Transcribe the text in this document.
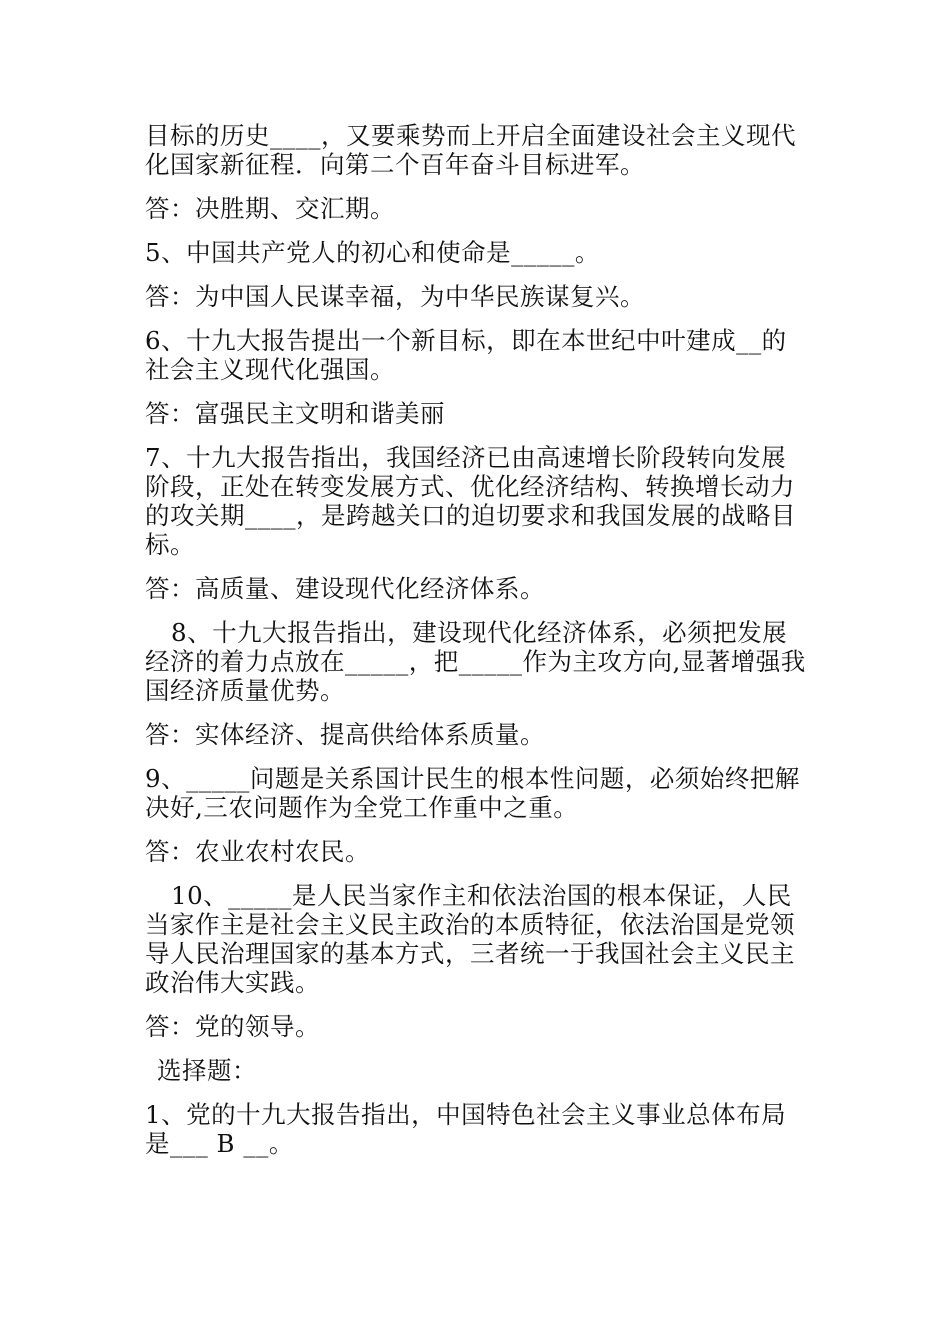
目标的历史____，又要乘势而上开启全面建设社会主义现代化国家新征程．向第二个百年奋斗目标进军。

答：决胜期、交汇期。

5、中国共产党人的初心和使命是_____。

答：为中国人民谋幸福，为中华民族谋复兴。

6、十九大报告提出一个新目标，即在本世纪中叶建成__的社会主义现代化强国。

答：富强民主文明和谐美丽

7、十九大报告指出，我国经济已由高速增长阶段转向发展阶段，正处在转变发展方式、优化经济结构、转换增长动力的攻关期____，是跨越关口的迫切要求和我国发展的战略目标。

答：高质量、建设现代化经济体系。

8、十九大报告指出，建设现代化经济体系，必须把发展经济的着力点放在_____，把_____作为主攻方向,显著增强我国经济质量优势。

答：实体经济、提高供给体系质量。

9、_____问题是关系国计民生的根本性问题，必须始终把解决好,三农问题作为全党工作重中之重。

答：农业农村农民。

10、_____是人民当家作主和依法治国的根本保证，人民当家作主是社会主义民主政治的本质特征，依法治国是党领导人民治理国家的基本方式，三者统一于我国社会主义民主政治伟大实践。

答：党的领导。

选择题：

1、党的十九大报告指出，中国特色社会主义事业总体布局是___ B __。
